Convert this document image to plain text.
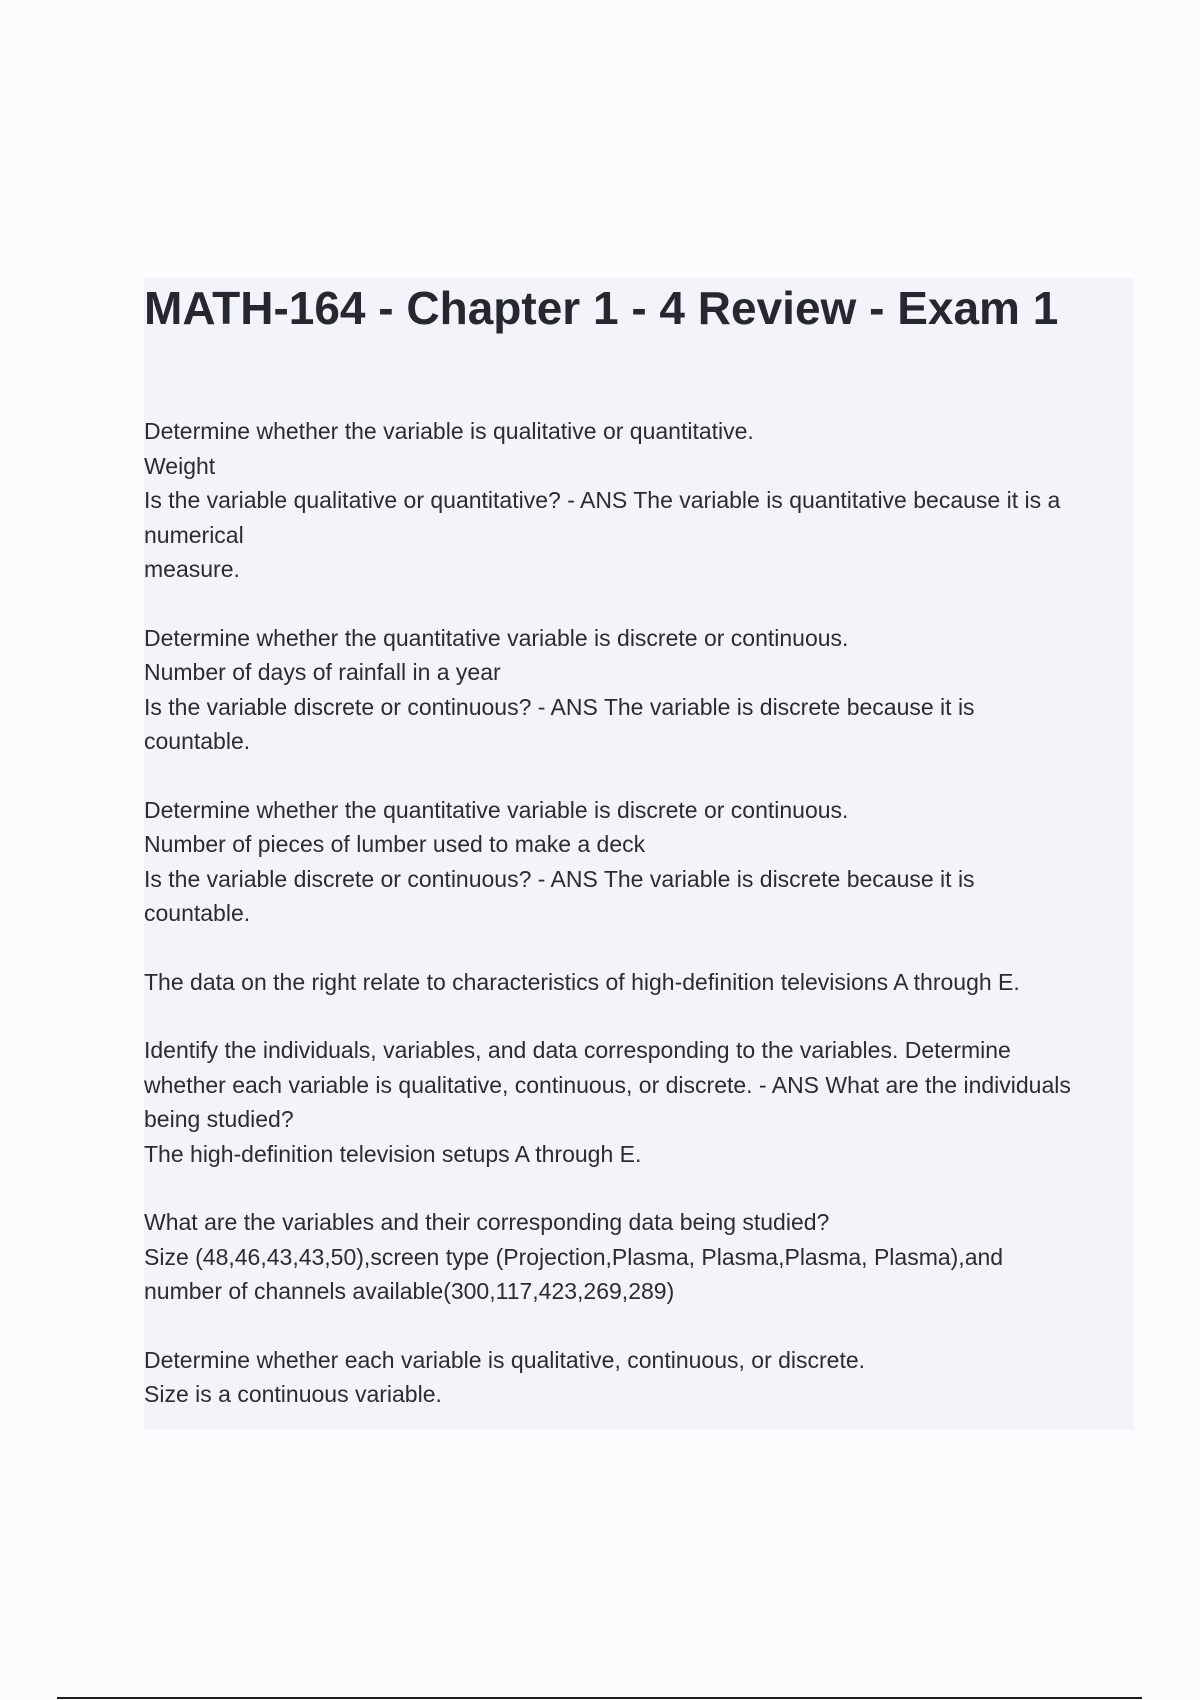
MATH-164 - Chapter 1 - 4 Review - Exam 1

Determine whether the variable is qualitative or quantitative.
Weight
Is the variable qualitative or quantitative? - ANS The variable is quantitative because it is a
numerical
measure.

Determine whether the quantitative variable is discrete or continuous.
Number of days of rainfall in a year
Is the variable discrete or continuous? - ANS The variable is discrete because it is
countable.

Determine whether the quantitative variable is discrete or continuous.
Number of pieces of lumber used to make a deck
Is the variable discrete or continuous? - ANS The variable is discrete because it is
countable.

The data on the right relate to characteristics of high-definition televisions A through E.

Identify the individuals, variables, and data corresponding to the variables. Determine
whether each variable is qualitative, continuous, or discrete. - ANS What are the individuals
being studied?
The high-definition television setups A through E.

What are the variables and their corresponding data being studied?
Size (48,46,43,43,50),screen type (Projection,Plasma, Plasma,Plasma, Plasma),and
number of channels available(300,117,423,269,289)

Determine whether each variable is qualitative, continuous, or discrete.
Size is a continuous variable.
